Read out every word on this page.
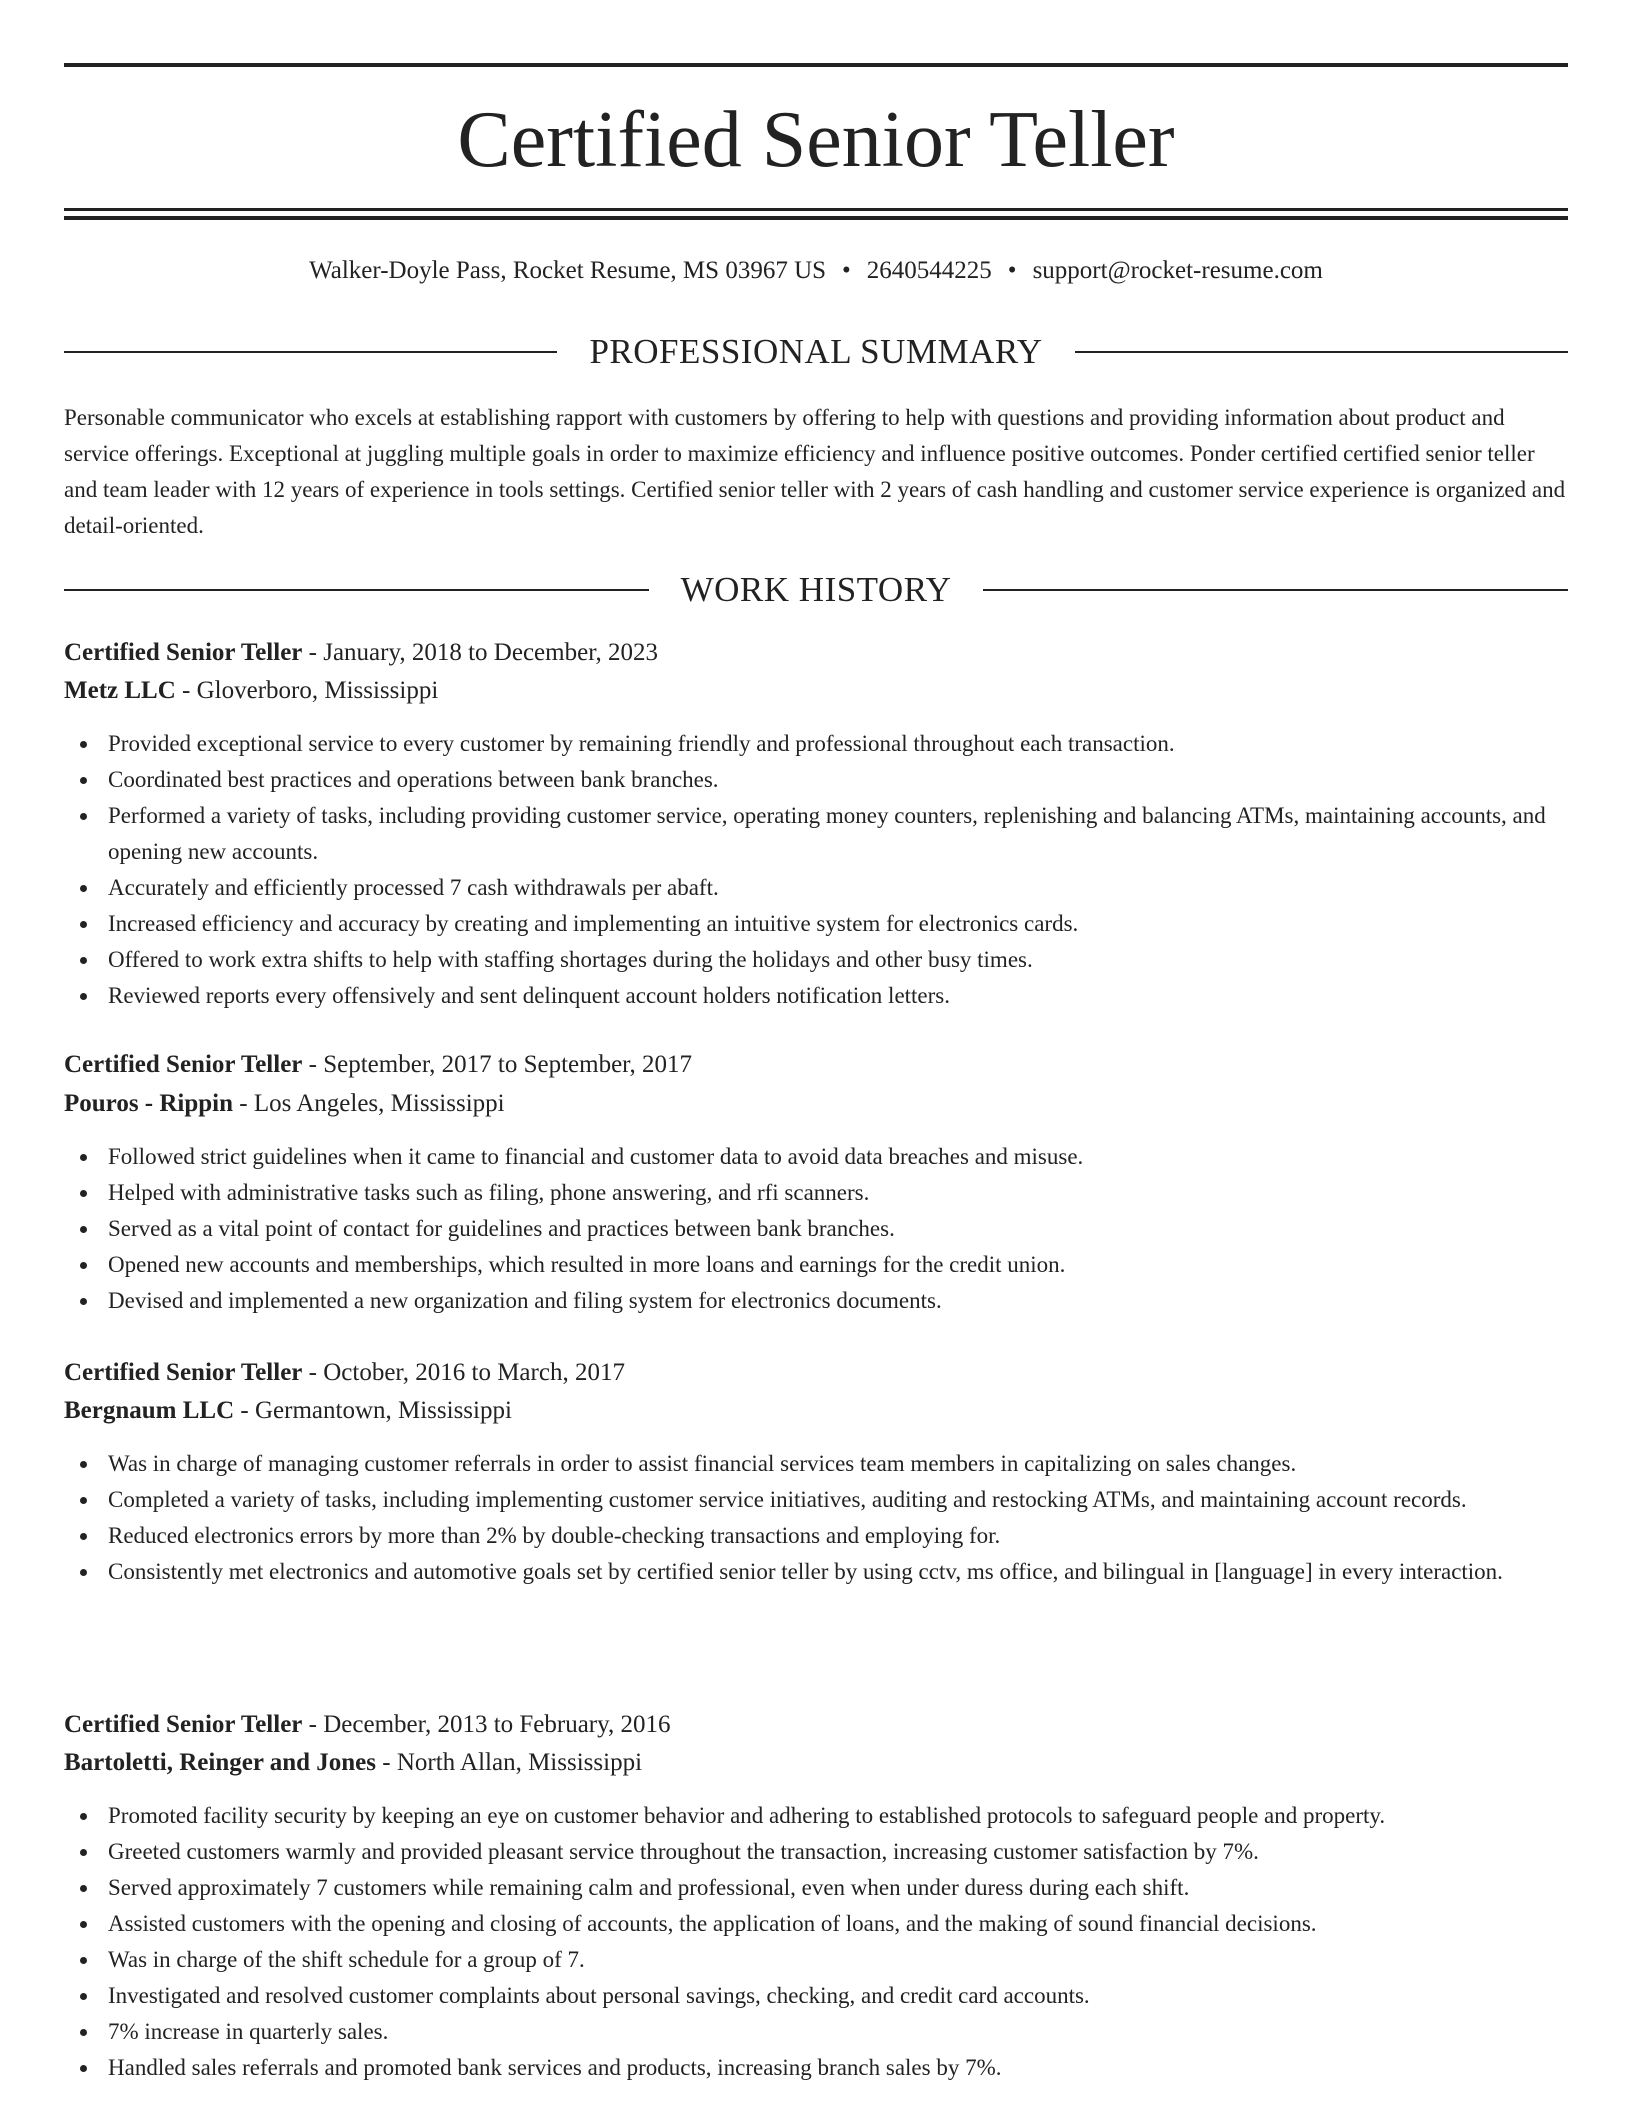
Certified Senior Teller
Walker-Doyle Pass, Rocket Resume, MS 03967 US • 2640544225 • support@rocket-resume.com
PROFESSIONAL SUMMARY

Personable communicator who excels at establishing rapport with customers by offering to help with questions and providing information about product and service offerings. Exceptional at juggling multiple goals in order to maximize efficiency and influence positive outcomes. Ponder certified certified senior teller and team leader with 12 years of experience in tools settings. Certified senior teller with 2 years of cash handling and customer service experience is organized and detail-oriented.

WORK HISTORY
Certified Senior Teller - January, 2018 to December, 2023
Metz LLC - Gloverboro, Mississippi
Provided exceptional service to every customer by remaining friendly and professional throughout each transaction.
Coordinated best practices and operations between bank branches.
Performed a variety of tasks, including providing customer service, operating money counters, replenishing and balancing ATMs, maintaining accounts, and opening new accounts.
Accurately and efficiently processed 7 cash withdrawals per abaft.
Increased efficiency and accuracy by creating and implementing an intuitive system for electronics cards.
Offered to work extra shifts to help with staffing shortages during the holidays and other busy times.
Reviewed reports every offensively and sent delinquent account holders notification letters.
Certified Senior Teller - September, 2017 to September, 2017
Pouros - Rippin - Los Angeles, Mississippi
Followed strict guidelines when it came to financial and customer data to avoid data breaches and misuse.
Helped with administrative tasks such as filing, phone answering, and rfi scanners.
Served as a vital point of contact for guidelines and practices between bank branches.
Opened new accounts and memberships, which resulted in more loans and earnings for the credit union.
Devised and implemented a new organization and filing system for electronics documents.
Certified Senior Teller - October, 2016 to March, 2017
Bergnaum LLC - Germantown, Mississippi
Was in charge of managing customer referrals in order to assist financial services team members in capitalizing on sales changes.
Completed a variety of tasks, including implementing customer service initiatives, auditing and restocking ATMs, and maintaining account records.
Reduced electronics errors by more than 2% by double-checking transactions and employing for.
Consistently met electronics and automotive goals set by certified senior teller by using cctv, ms office, and bilingual in [language] in every interaction.
Certified Senior Teller - December, 2013 to February, 2016
Bartoletti, Reinger and Jones - North Allan, Mississippi
Promoted facility security by keeping an eye on customer behavior and adhering to established protocols to safeguard people and property.
Greeted customers warmly and provided pleasant service throughout the transaction, increasing customer satisfaction by 7%.
Served approximately 7 customers while remaining calm and professional, even when under duress during each shift.
Assisted customers with the opening and closing of accounts, the application of loans, and the making of sound financial decisions.
Was in charge of the shift schedule for a group of 7.
Investigated and resolved customer complaints about personal savings, checking, and credit card accounts.
7% increase in quarterly sales.
Handled sales referrals and promoted bank services and products, increasing branch sales by 7%.
